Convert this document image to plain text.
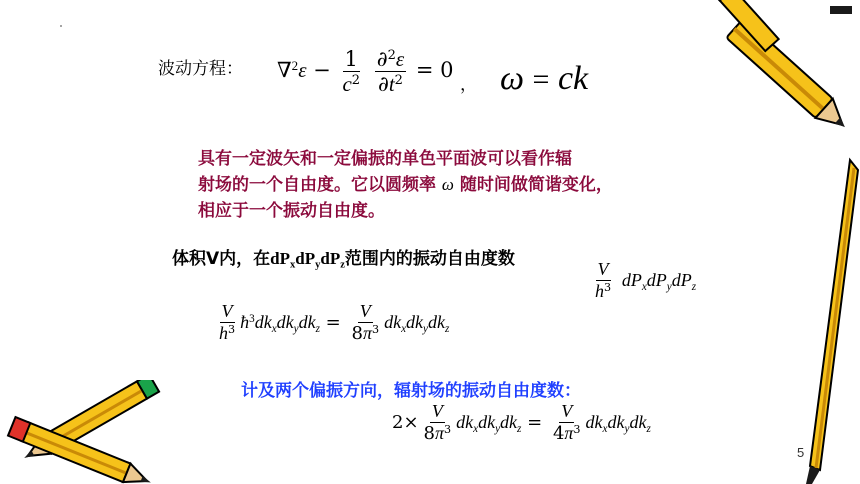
波动方程： $\nabla^2\varepsilon - \frac{1}{c^2}$
$\frac{\partial^2\varepsilon}{\partial t^2} = 0$
， ω = ck
具有一定波矢和一定偏振的单色平面波可以看作辐
射场的一个自由度。它以圆频率 ω 随时间做简谐变化，
相应于一个振动自由度。
体积V内，在$dP_xdP_ydP_z$范围内的振动自由度数
$\frac{V}{h^3} dP_xdP_ydP_z$
$\frac{V}{h^3}$ $ħ^3dk_xdk_ydk_z = \frac{V}{8\pi^3} dk_xdk_ydk_z$
计及两个偏振方向，辐射场的振动自由度数：
$2\times \frac{V}{8\pi^3} dk_xdk_ydk_z = \frac{V}{4\pi^3} dk_xdk_ydk_z$
5
